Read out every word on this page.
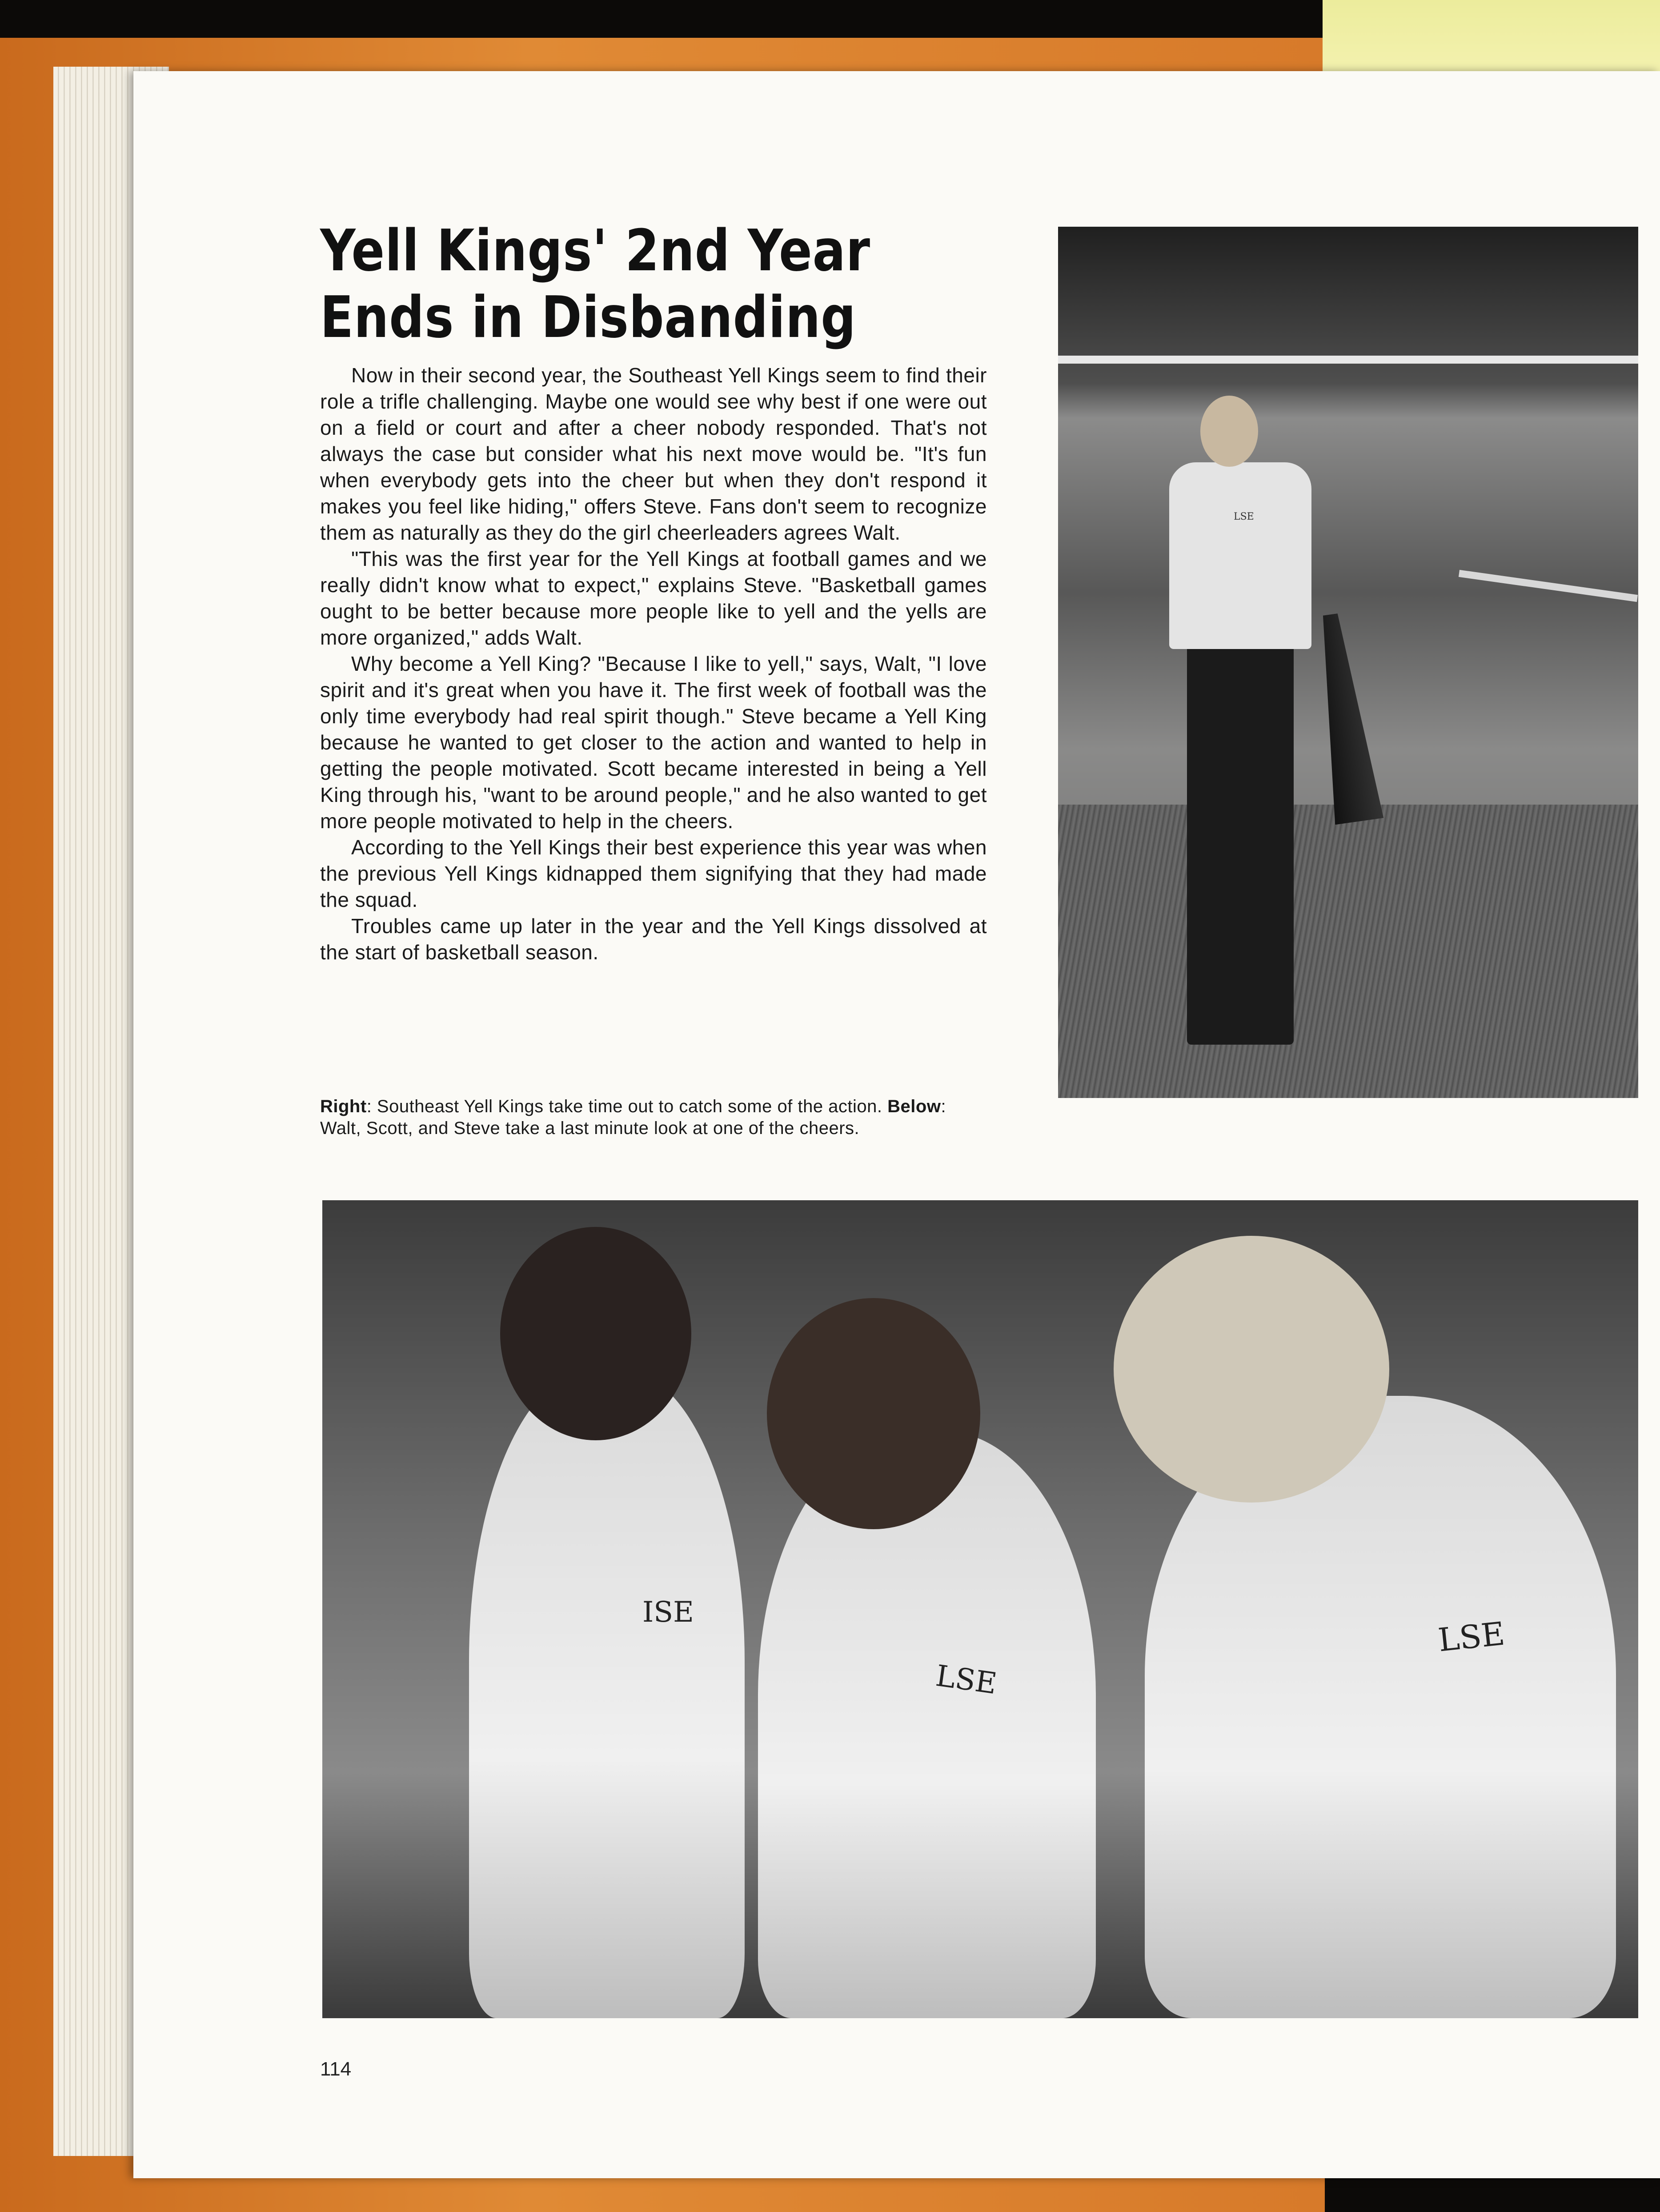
Yell Kings' 2nd Year
Ends in Disbanding

Now in their second year, the Southeast Yell Kings seem to find their role a trifle challenging. Maybe one would see why best if one were out on a field or court and after a cheer nobody responded. That's not always the case but consider what his next move would be. "It's fun when everybody gets into the cheer but when they don't respond it makes you feel like hiding," offers Steve. Fans don't seem to recognize them as naturally as they do the girl cheerleaders agrees Walt.

"This was the first year for the Yell Kings at football games and we really didn't know what to expect," explains Steve. "Basketball games ought to be better because more people like to yell and the yells are more organized," adds Walt.

Why become a Yell King? "Because I like to yell," says, Walt, "I love spirit and it's great when you have it. The first week of football was the only time everybody had real spirit though." Steve became a Yell King because he wanted to get closer to the action and wanted to help in getting the people motivated. Scott became interested in being a Yell King through his, "want to be around people," and he also wanted to get more people motivated to help in the cheers.

According to the Yell Kings their best experience this year was when the previous Yell Kings kidnapped them signifying that they had made the squad.

Troubles came up later in the year and the Yell Kings dissolved at the start of basketball season.

Right: Southeast Yell Kings take time out to catch some of the action. Below: Walt, Scott, and Steve take a last minute look at one of the cheers.
LSE
ISE
LSE
LSE
114
